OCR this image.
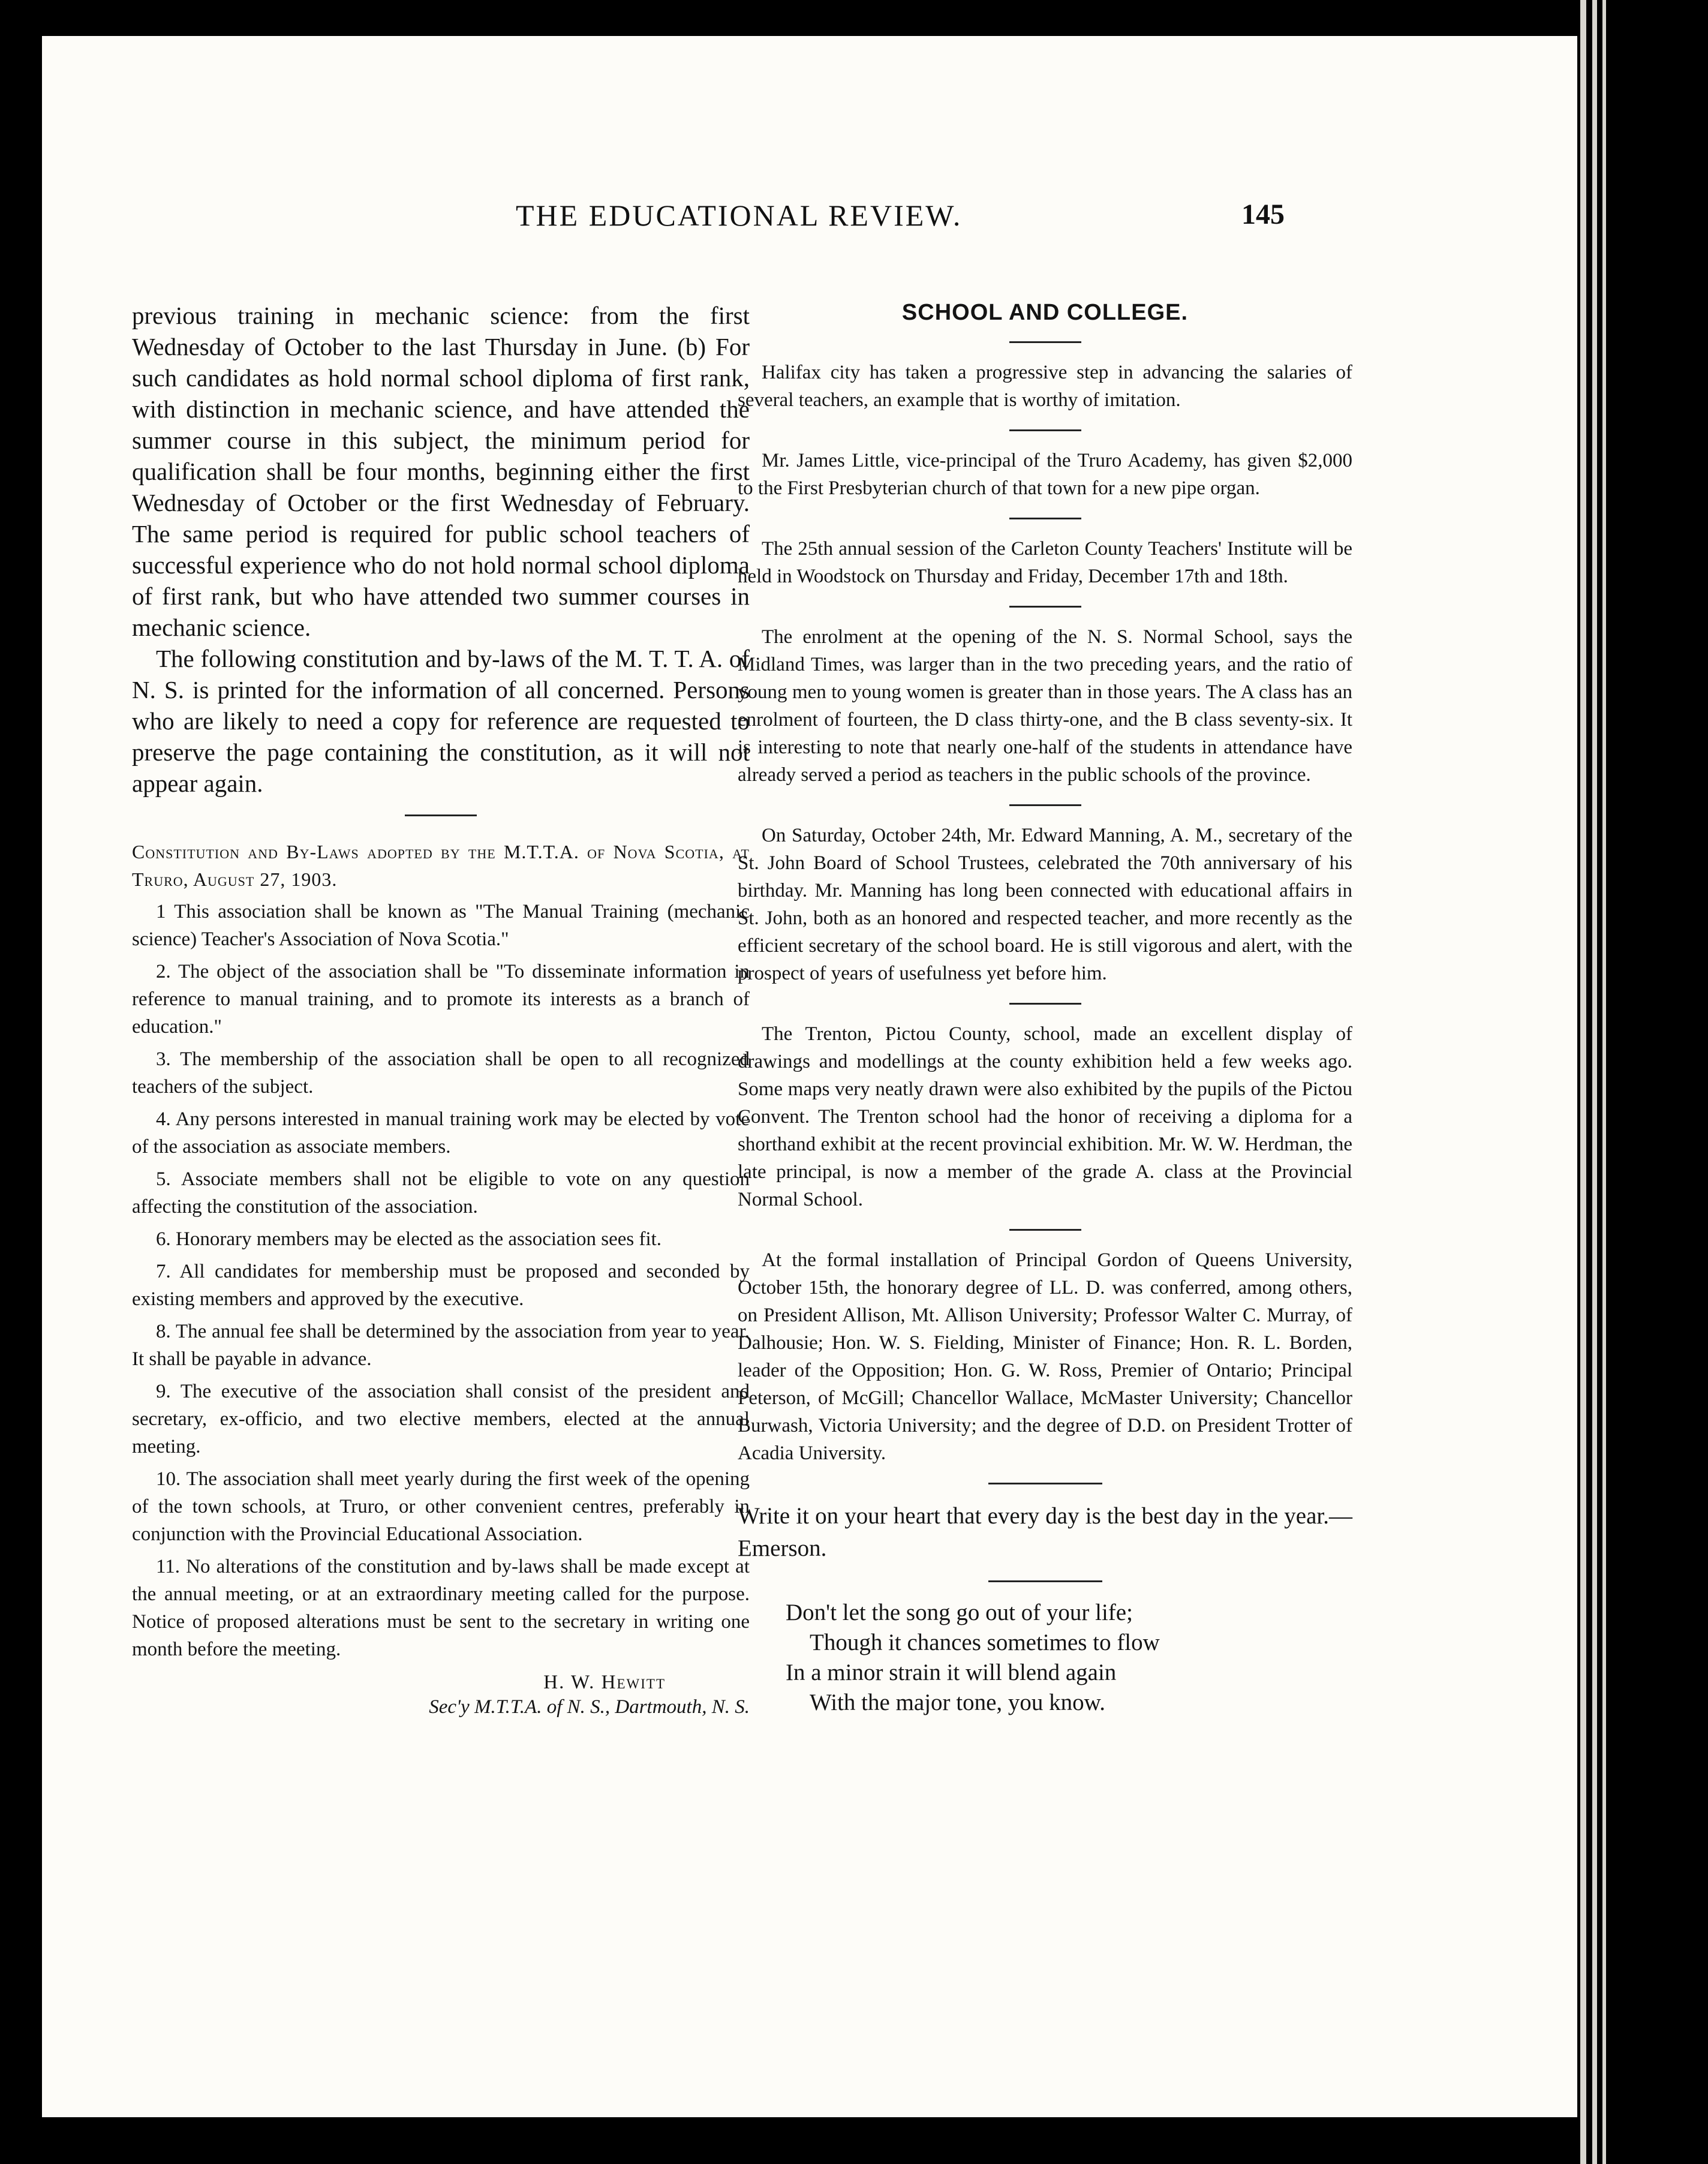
THE EDUCATIONAL REVIEW.	145

previous training in mechanic science: from the first Wednesday of October to the last Thursday in June. (b) For such candidates as hold normal school diploma of first rank, with distinction in mechanic science, and have attended the summer course in this subject, the minimum period for qualification shall be four months, beginning either the first Wednesday of October or the first Wednesday of February. The same period is required for public school teachers of successful experience who do not hold normal school diploma of first rank, but who have attended two summer courses in mechanic science.

The following constitution and by-laws of the M. T. T. A. of N. S. is printed for the information of all concerned. Persons who are likely to need a copy for reference are requested to preserve the page containing the constitution, as it will not appear again.

Constitution and By-Laws adopted by the M.T.T.A. of Nova Scotia, at Truro, August 27, 1903.

1 This association shall be known as "The Manual Training (mechanic science) Teacher's Association of Nova Scotia."

2. The object of the association shall be "To disseminate information in reference to manual training, and to promote its interests as a branch of education."

3. The membership of the association shall be open to all recognized teachers of the subject.

4. Any persons interested in manual training work may be elected by vote of the association as associate members.

5. Associate members shall not be eligible to vote on any question affecting the constitution of the association.

6. Honorary members may be elected as the association sees fit.

7. All candidates for membership must be proposed and seconded by existing members and approved by the executive.

8. The annual fee shall be determined by the association from year to year. It shall be payable in advance.

9. The executive of the association shall consist of the president and secretary, ex-officio, and two elective members, elected at the annual meeting.

10. The association shall meet yearly during the first week of the opening of the town schools, at Truro, or other convenient centres, preferably in conjunction with the Provincial Educational Association.

11. No alterations of the constitution and by-laws shall be made except at the annual meeting, or at an extraordinary meeting called for the purpose. Notice of proposed alterations must be sent to the secretary in writing one month before the meeting.

H. W. Hewitt
Sec'y M.T.T.A. of N. S., Dartmouth, N. S.
SCHOOL AND COLLEGE.

Halifax city has taken a progressive step in advancing the salaries of several teachers, an example that is worthy of imitation.

Mr. James Little, vice-principal of the Truro Academy, has given $2,000 to the First Presbyterian church of that town for a new pipe organ.

The 25th annual session of the Carleton County Teachers' Institute will be held in Woodstock on Thursday and Friday, December 17th and 18th.

The enrolment at the opening of the N. S. Normal School, says the Midland Times, was larger than in the two preceding years, and the ratio of young men to young women is greater than in those years. The A class has an enrolment of fourteen, the D class thirty-one, and the B class seventy-six. It is interesting to note that nearly one-half of the students in attendance have already served a period as teachers in the public schools of the province.

On Saturday, October 24th, Mr. Edward Manning, A. M., secretary of the St. John Board of School Trustees, celebrated the 70th anniversary of his birthday. Mr. Manning has long been connected with educational affairs in St. John, both as an honored and respected teacher, and more recently as the efficient secretary of the school board. He is still vigorous and alert, with the prospect of years of usefulness yet before him.

The Trenton, Pictou County, school, made an excellent display of drawings and modellings at the county exhibition held a few weeks ago. Some maps very neatly drawn were also exhibited by the pupils of the Pictou Convent. The Trenton school had the honor of receiving a diploma for a shorthand exhibit at the recent provincial exhibition. Mr. W. W. Herdman, the late principal, is now a member of the grade A. class at the Provincial Normal School.

At the formal installation of Principal Gordon of Queens University, October 15th, the honorary degree of LL. D. was conferred, among others, on President Allison, Mt. Allison University; Professor Walter C. Murray, of Dalhousie; Hon. W. S. Fielding, Minister of Finance; Hon. R. L. Borden, leader of the Opposition; Hon. G. W. Ross, Premier of Ontario; Principal Peterson, of McGill; Chancellor Wallace, McMaster University; Chancellor Burwash, Victoria University; and the degree of D.D. on President Trotter of Acadia University.

Write it on your heart that every day is the best day in the year.—Emerson.

Don't let the song go out of your life;
Though it chances sometimes to flow
In a minor strain it will blend again
With the major tone, you know.
